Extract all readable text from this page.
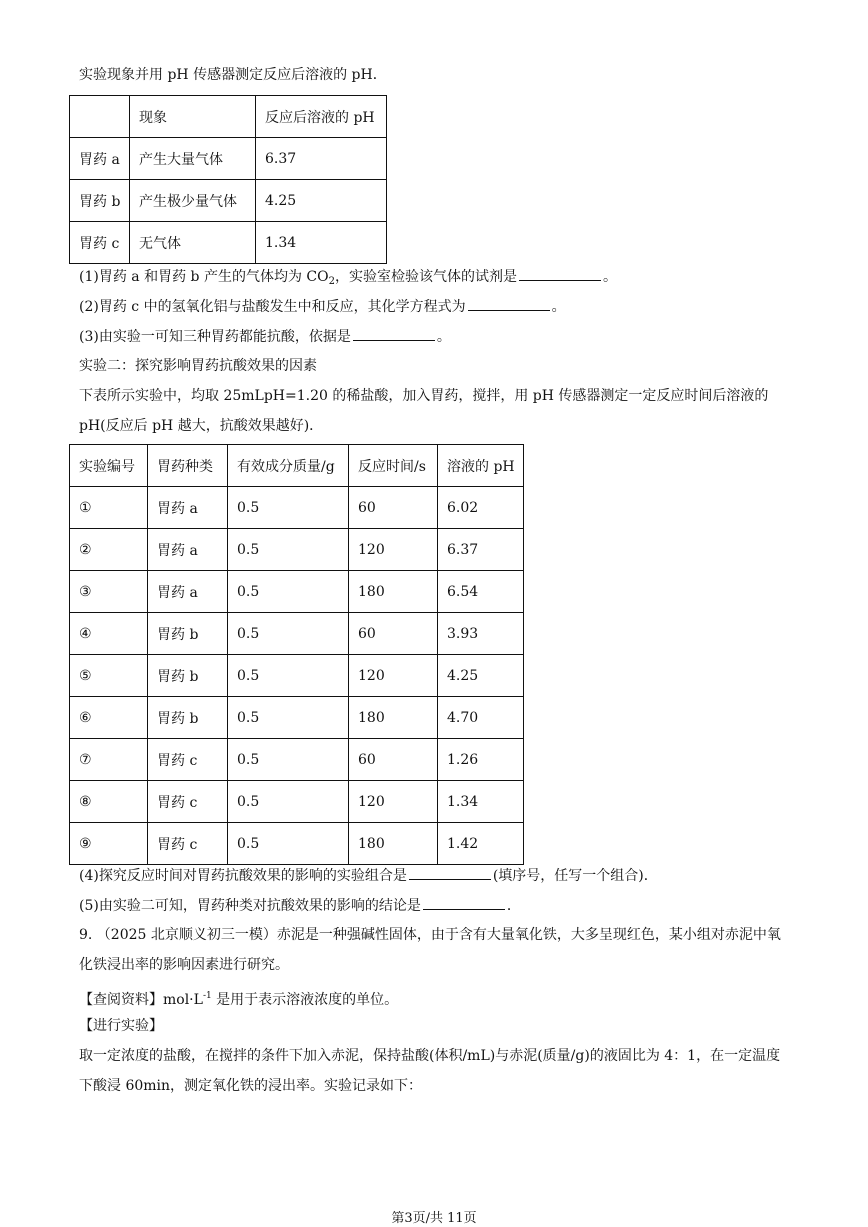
实验现象并用 pH 传感器测定反应后溶液的 pH．
	现象	反应后溶液的 pH
胃药 a	产生大量气体	6.37
胃药 b	产生极少量气体	4.25
胃药 c	无气体	1.34
(1)胃药 a 和胃药 b 产生的气体均为 $CO_2$，实验室检验该气体的试剂是	。
(2)胃药 c 中的氢氧化铝与盐酸发生中和反应，其化学方程式为	。
(3)由实验一可知三种胃药都能抗酸，依据是	。
实验二：探究影响胃药抗酸效果的因素
下表所示实验中，均取 25mLpH=1.20 的稀盐酸，加入胃药，搅拌，用 pH 传感器测定一定反应时间后溶液的 pH(反应后 pH 越大，抗酸效果越好)．
实验编号	胃药种类	有效成分质量/g	反应时间/s	溶液的 pH
①	胃药 a	0.5	60	6.02
②	胃药 a	0.5	120	6.37
③	胃药 a	0.5	180	6.54
④	胃药 b	0.5	60	3.93
⑤	胃药 b	0.5	120	4.25
⑥	胃药 b	0.5	180	4.70
⑦	胃药 c	0.5	60	1.26
⑧	胃药 c	0.5	120	1.34
⑨	胃药 c	0.5	180	1.42
(4)探究反应时间对胃药抗酸效果的影响的实验组合是	(填序号，任写一个组合)．
(5)由实验二可知，胃药种类对抗酸效果的影响的结论是	．
9. （2025 北京顺义初三一模）赤泥是一种强碱性固体，由于含有大量氧化铁，大多呈现红色，某小组对赤泥中氧化铁浸出率的影响因素进行研究。
【查阅资料】$mol\cdot L^{-1}$ 是用于表示溶液浓度的单位。
【进行实验】
取一定浓度的盐酸，在搅拌的条件下加入赤泥，保持盐酸(体积/mL)与赤泥(质量/g)的液固比为 4：1，在一定温度下酸浸 60min，测定氧化铁的浸出率。实验记录如下：
第3页/共 11页
